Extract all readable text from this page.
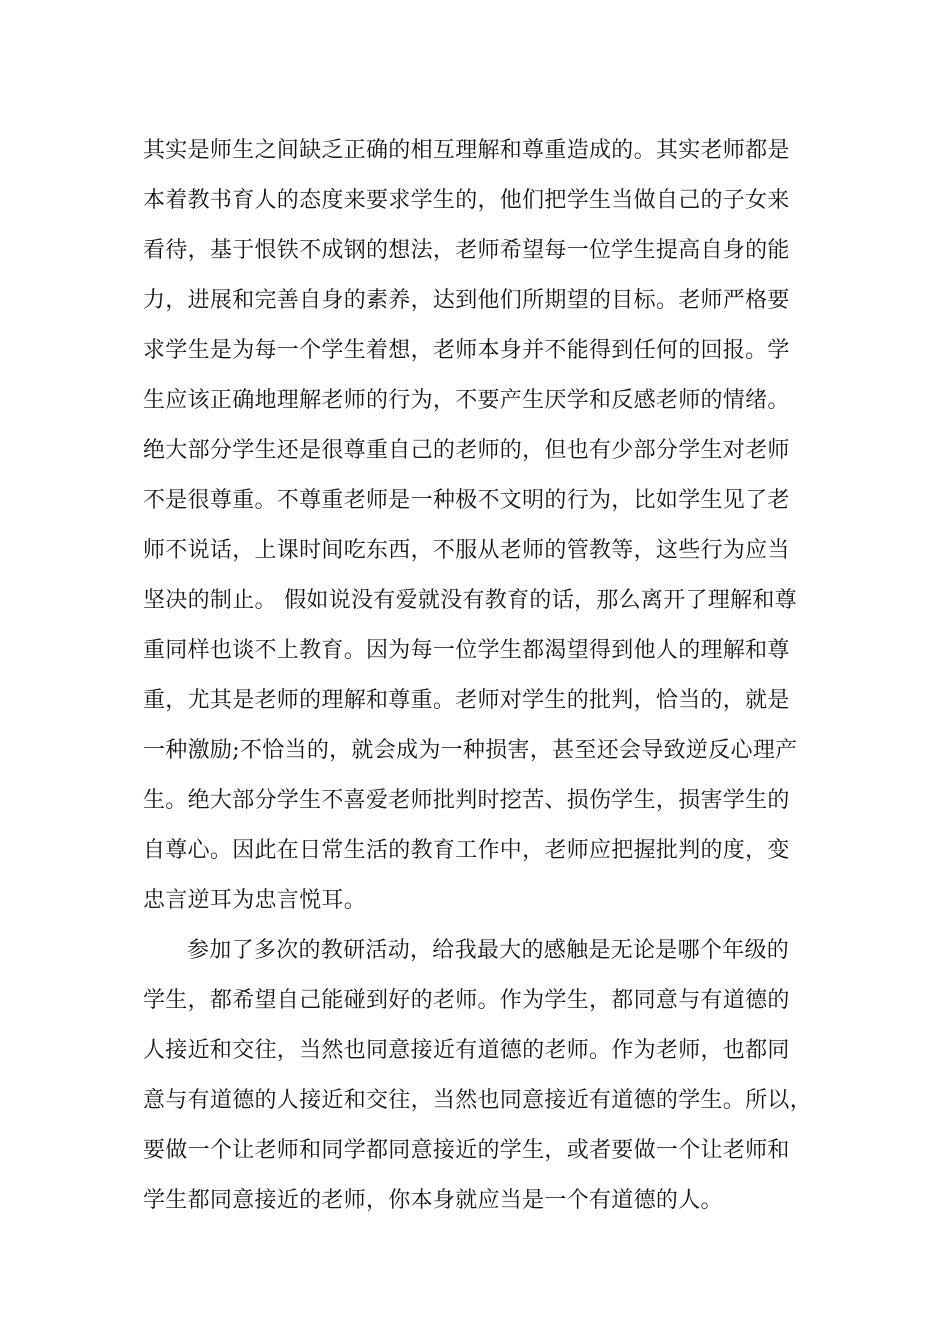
其实是师生之间缺乏正确的相互理解和尊重造成的。其实老师都是
本着教书育人的态度来要求学生的，他们把学生当做自己的子女来
看待，基于恨铁不成钢的想法，老师希望每一位学生提高自身的能
力，进展和完善自身的素养，达到他们所期望的目标。老师严格要
求学生是为每一个学生着想，老师本身并不能得到任何的回报。学
生应该正确地理解老师的行为，不要产生厌学和反感老师的情绪。
绝大部分学生还是很尊重自己的老师的，但也有少部分学生对老师
不是很尊重。不尊重老师是一种极不文明的行为，比如学生见了老
师不说话，上课时间吃东西，不服从老师的管教等，这些行为应当
坚决的制止。 假如说没有爱就没有教育的话，那么离开了理解和尊
重同样也谈不上教育。因为每一位学生都渴望得到他人的理解和尊
重，尤其是老师的理解和尊重。老师对学生的批判，恰当的，就是
一种激励;不恰当的，就会成为一种损害，甚至还会导致逆反心理产
生。绝大部分学生不喜爱老师批判时挖苦、损伤学生，损害学生的
自尊心。因此在日常生活的教育工作中，老师应把握批判的度，变
忠言逆耳为忠言悦耳。
参加了多次的教研活动，给我最大的感触是无论是哪个年级的
学生，都希望自己能碰到好的老师。作为学生，都同意与有道德的
人接近和交往，当然也同意接近有道德的老师。作为老师，也都同
意与有道德的人接近和交往，当然也同意接近有道德的学生。所以，
要做一个让老师和同学都同意接近的学生，或者要做一个让老师和
学生都同意接近的老师，你本身就应当是一个有道德的人。
